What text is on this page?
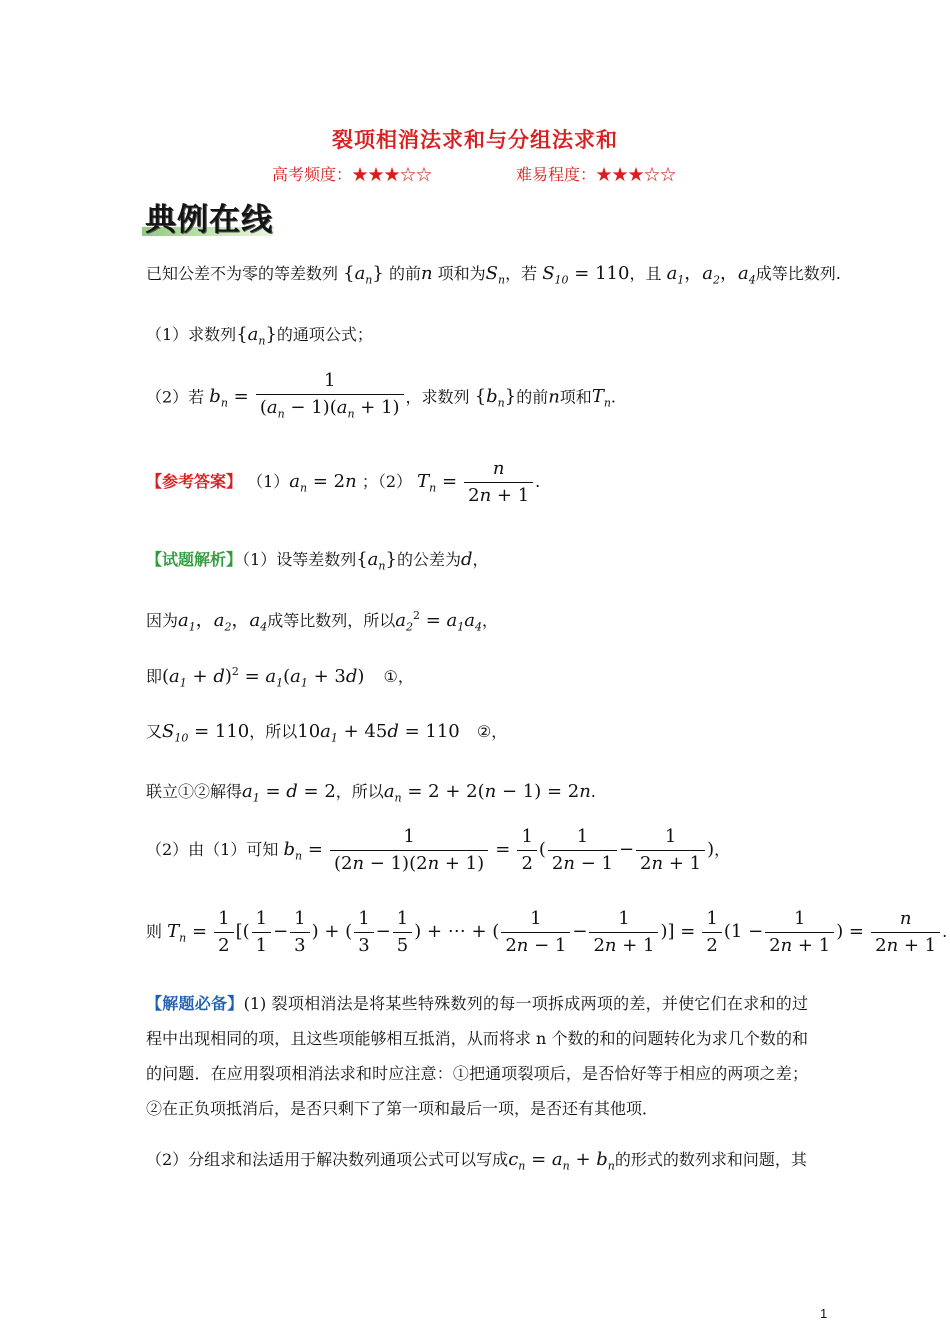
裂项相消法求和与分组法求和
高考频度：★★★☆☆	难易程度：★★★☆☆
典例在线
已知公差不为零的等差数列 $\{a_n\}$ 的前n 项和为$S_n$，若 $S_{10} = 110$，且 $a_1$，$a_2$，$a_4$成等比数列.
（1）求数列$\{a_n\}$的通项公式；
（2）若 $b_n = \frac{1}{(a_n - 1)(a_n + 1)}$ ，求数列 $\{b_n\}$的前n项和$T_n$.
【参考答案】 $(1)a_n = 2n$ ；（2） $T_n = \frac{n}{2n + 1}$ .
【试题解析】（1）设等差数列$\{a_n\}$的公差为d，
因为$a_1$，$a_2$，$a_4$成等比数列，所以$a_2^2 = a_1a_4$，
即$(a_1 + d)^2 = a_1(a_1 + 3d)$ ①，
又$S_{10} = 110$，所以$10a_1 + 45d = 110$ ②，
联立①②解得$a_1 = d = 2$，所以$a_n = 2 + 2(n - 1) = 2n$.
（2）由（1）可知 $b_n = \frac{1}{(2n - 1)(2n + 1)} = \frac{1}{2}$ ( $\frac{1}{2n - 1} - \frac{1}{2n + 1}$ )，
则 $T_n = \frac{1}{2}$ [( $\frac{1}{1} - \frac{1}{3}$ ) + ( $\frac{1}{3} - \frac{1}{5}$ ) + ⋯ + ( $\frac{1}{2n - 1} - \frac{1}{2n + 1}$ )] = $\frac{1}{2} (1 - \frac{1}{2n + 1}$ ) = $\frac{n}{2n + 1}$ .
【解题必备】(1) 裂项相消法是将某些特殊数列的每一项拆成两项的差，并使它们在求和的过程中出现相同的项，且这些项能够相互抵消，从而将求 n 个数的和的问题转化为求几个数的和的问题．在应用裂项相消法求和时应注意：①把通项裂项后，是否恰好等于相应的两项之差；②在正负项抵消后，是否只剩下了第一项和最后一项，是否还有其他项．
（2）分组求和法适用于解决数列通项公式可以写成$c_n = a_n + b_n$的形式的数列求和问题，其
1
